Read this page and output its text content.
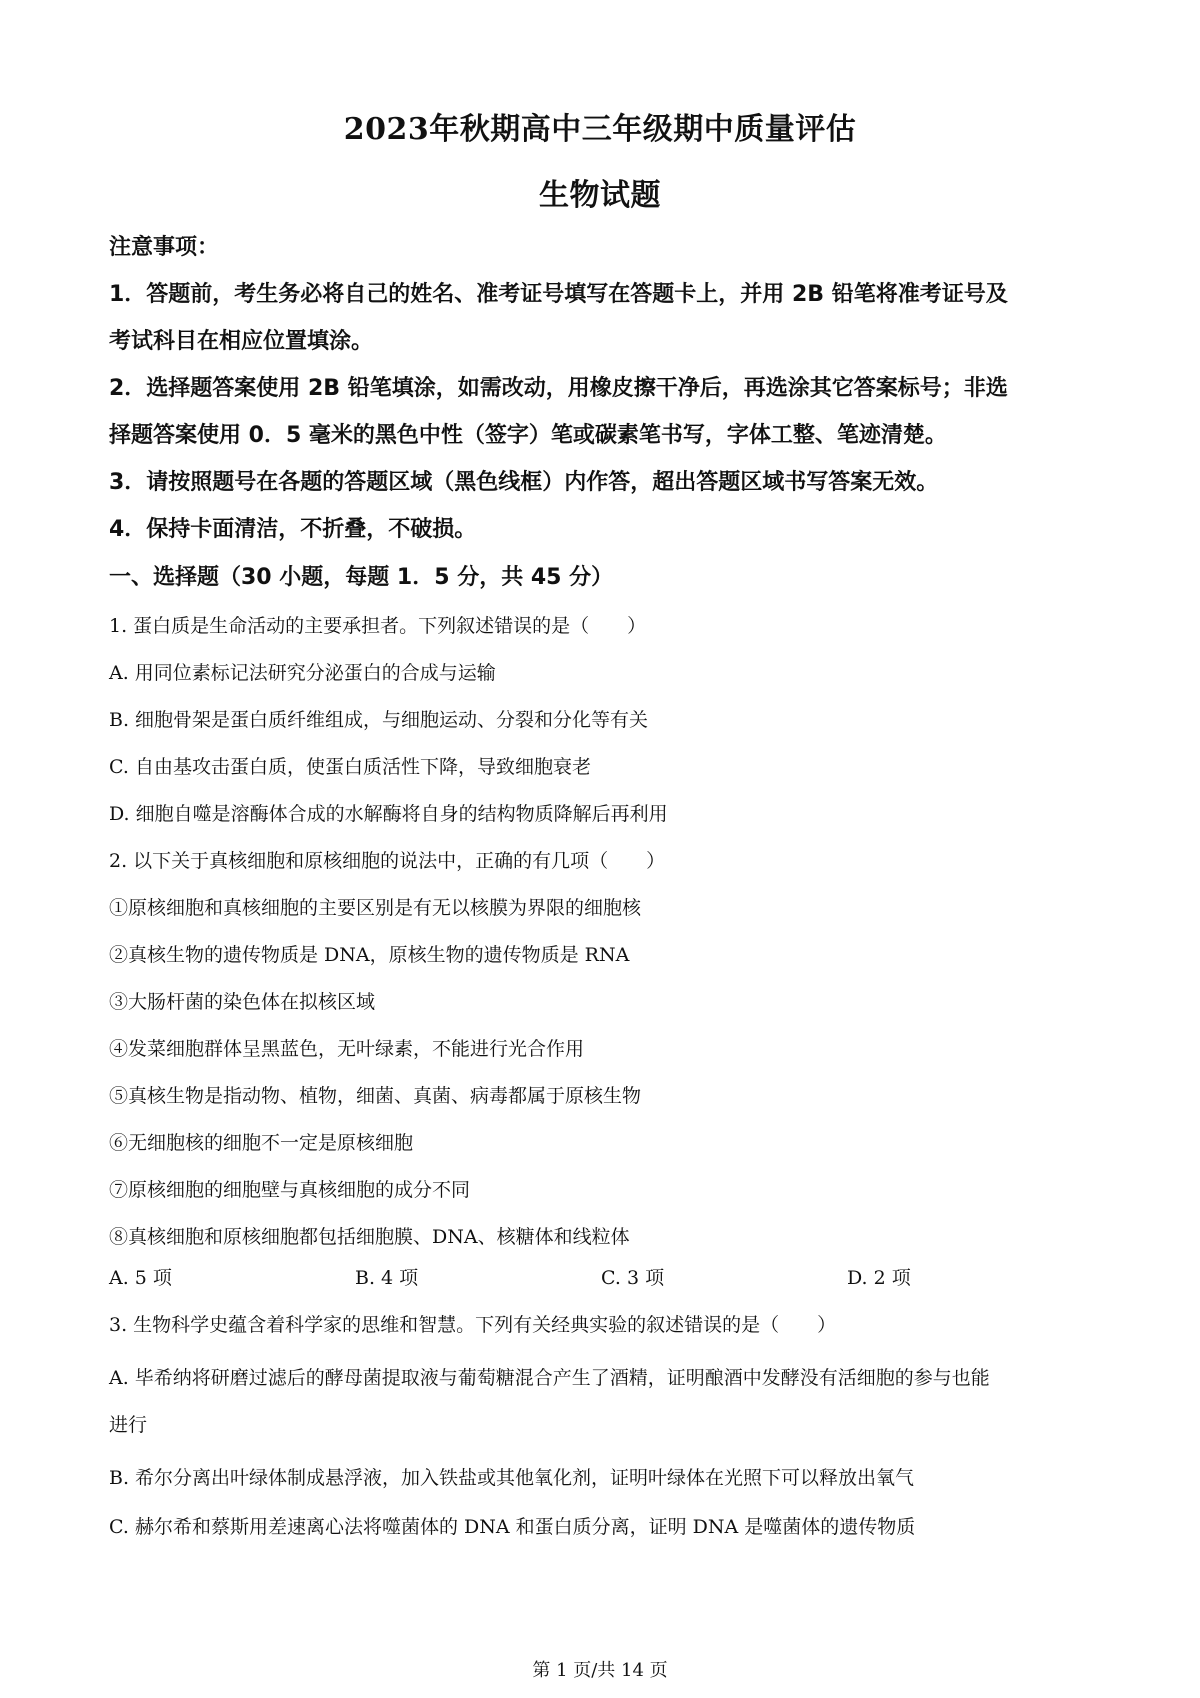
2023年秋期高中三年级期中质量评估
生物试题
注意事项：
1．答题前，考生务必将自己的姓名、准考证号填写在答题卡上，并用 2B 铅笔将准考证号及
考试科目在相应位置填涂。
2．选择题答案使用 2B 铅笔填涂，如需改动，用橡皮擦干净后，再选涂其它答案标号；非选
择题答案使用 0．5 毫米的黑色中性（签字）笔或碳素笔书写，字体工整、笔迹清楚。
3．请按照题号在各题的答题区域（黑色线框）内作答，超出答题区域书写答案无效。
4．保持卡面清洁，不折叠，不破损。
一、选择题（30 小题，每题 1．5 分，共 45 分）
1. 蛋白质是生命活动的主要承担者。下列叙述错误的是（　　）
A. 用同位素标记法研究分泌蛋白的合成与运输
B. 细胞骨架是蛋白质纤维组成，与细胞运动、分裂和分化等有关
C. 自由基攻击蛋白质，使蛋白质活性下降，导致细胞衰老
D. 细胞自噬是溶酶体合成的水解酶将自身的结构物质降解后再利用
2. 以下关于真核细胞和原核细胞的说法中，正确的有几项（　　）
①原核细胞和真核细胞的主要区别是有无以核膜为界限的细胞核
②真核生物的遗传物质是 DNA，原核生物的遗传物质是 RNA
③大肠杆菌的染色体在拟核区域
④发菜细胞群体呈黑蓝色，无叶绿素，不能进行光合作用
⑤真核生物是指动物、植物，细菌、真菌、病毒都属于原核生物
⑥无细胞核的细胞不一定是原核细胞
⑦原核细胞的细胞壁与真核细胞的成分不同
⑧真核细胞和原核细胞都包括细胞膜、DNA、核糖体和线粒体
A. 5 项	B. 4 项	C. 3 项	D. 2 项
3. 生物科学史蕴含着科学家的思维和智慧。下列有关经典实验的叙述错误的是（　　）
A. 毕希纳将研磨过滤后的酵母菌提取液与葡萄糖混合产生了酒精，证明酿酒中发酵没有活细胞的参与也能
进行
B. 希尔分离出叶绿体制成悬浮液，加入铁盐或其他氧化剂，证明叶绿体在光照下可以释放出氧气
C. 赫尔希和蔡斯用差速离心法将噬菌体的 DNA 和蛋白质分离，证明 DNA 是噬菌体的遗传物质
第 1 页/共 14 页
